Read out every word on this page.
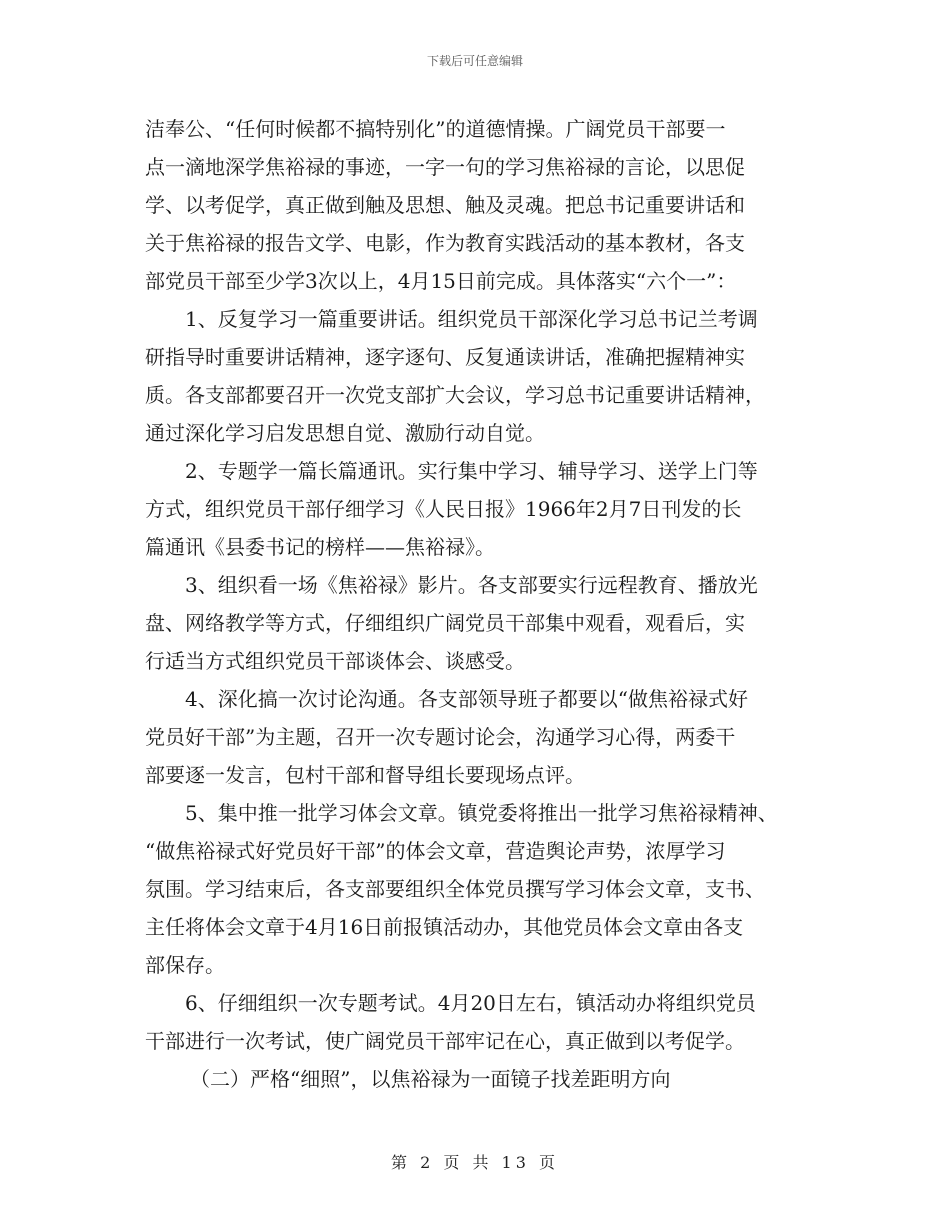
下载后可任意编辑
洁奉公、“任何时候都不搞特别化”的道德情操。广阔党员干部要一
点一滴地深学焦裕禄的事迹，一字一句的学习焦裕禄的言论，以思促
学、以考促学，真正做到触及思想、触及灵魂。把总书记重要讲话和
关于焦裕禄的报告文学、电影，作为教育实践活动的基本教材，各支
部党员干部至少学3次以上，4月15日前完成。具体落实“六个一”：
1、反复学习一篇重要讲话。组织党员干部深化学习总书记兰考调
研指导时重要讲话精神，逐字逐句、反复通读讲话，准确把握精神实
质。各支部都要召开一次党支部扩大会议，学习总书记重要讲话精神，
通过深化学习启发思想自觉、激励行动自觉。
2、专题学一篇长篇通讯。实行集中学习、辅导学习、送学上门等
方式，组织党员干部仔细学习《人民日报》1966年2月7日刊发的长
篇通讯《县委书记的榜样——焦裕禄》。
3、组织看一场《焦裕禄》影片。各支部要实行远程教育、播放光
盘、网络教学等方式，仔细组织广阔党员干部集中观看，观看后，实
行适当方式组织党员干部谈体会、谈感受。
4、深化搞一次讨论沟通。各支部领导班子都要以“做焦裕禄式好
党员好干部”为主题，召开一次专题讨论会，沟通学习心得，两委干
部要逐一发言，包村干部和督导组长要现场点评。
5、集中推一批学习体会文章。镇党委将推出一批学习焦裕禄精神、
“做焦裕禄式好党员好干部”的体会文章，营造舆论声势，浓厚学习
氛围。学习结束后，各支部要组织全体党员撰写学习体会文章，支书、
主任将体会文章于4月16日前报镇活动办，其他党员体会文章由各支
部保存。
6、仔细组织一次专题考试。4月20日左右，镇活动办将组织党员
干部进行一次考试，使广阔党员干部牢记在心，真正做到以考促学。
（二）严格“细照”，以焦裕禄为一面镜子找差距明方向
第 2 页 共 13 页
